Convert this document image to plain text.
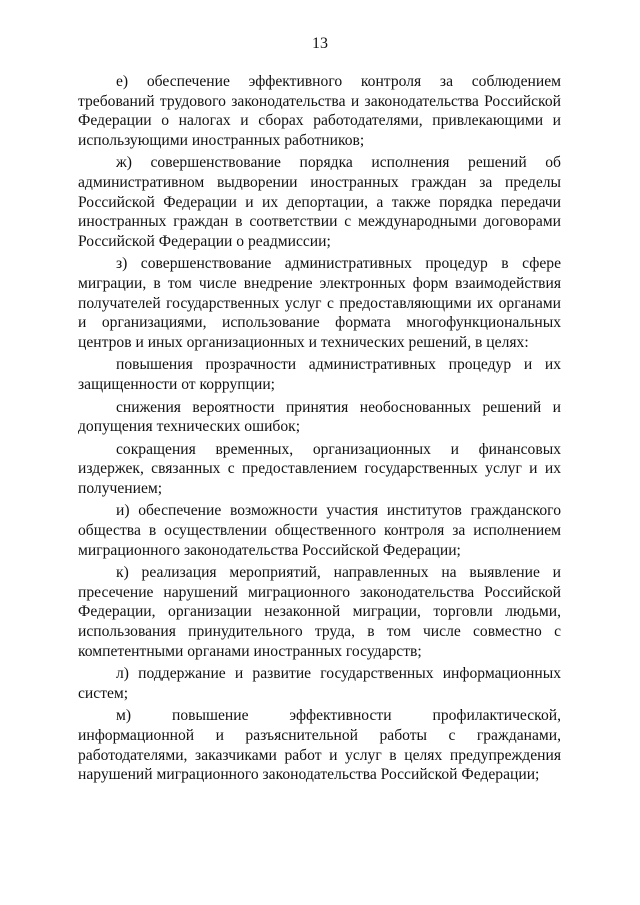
13

е) обеспечение эффективного контроля за соблюдением требований трудового законодательства и законодательства Российской Федерации о налогах и сборах работодателями, привлекающими и использующими иностранных работников;

ж) совершенствование порядка исполнения решений об административном выдворении иностранных граждан за пределы Российской Федерации и их депортации, а также порядка передачи иностранных граждан в соответствии с международными договорами Российской Федерации о реадмиссии;

з) совершенствование административных процедур в сфере миграции, в том числе внедрение электронных форм взаимодействия получателей государственных услуг с предоставляющими их органами и организациями, использование формата многофункциональных центров и иных организационных и технических решений, в целях:

повышения прозрачности административных процедур и их защищенности от коррупции;

снижения вероятности принятия необоснованных решений и допущения технических ошибок;

сокращения временных, организационных и финансовых издержек, связанных с предоставлением государственных услуг и их получением;

и) обеспечение возможности участия институтов гражданского общества в осуществлении общественного контроля за исполнением миграционного законодательства Российской Федерации;

к) реализация мероприятий, направленных на выявление и пресечение нарушений миграционного законодательства Российской Федерации, организации незаконной миграции, торговли людьми, использования принудительного труда, в том числе совместно с компетентными органами иностранных государств;

л) поддержание и развитие государственных информационных систем;

м) повышение эффективности профилактической, информационной и разъяснительной работы с гражданами, работодателями, заказчиками работ и услуг в целях предупреждения нарушений миграционного законодательства Российской Федерации;
